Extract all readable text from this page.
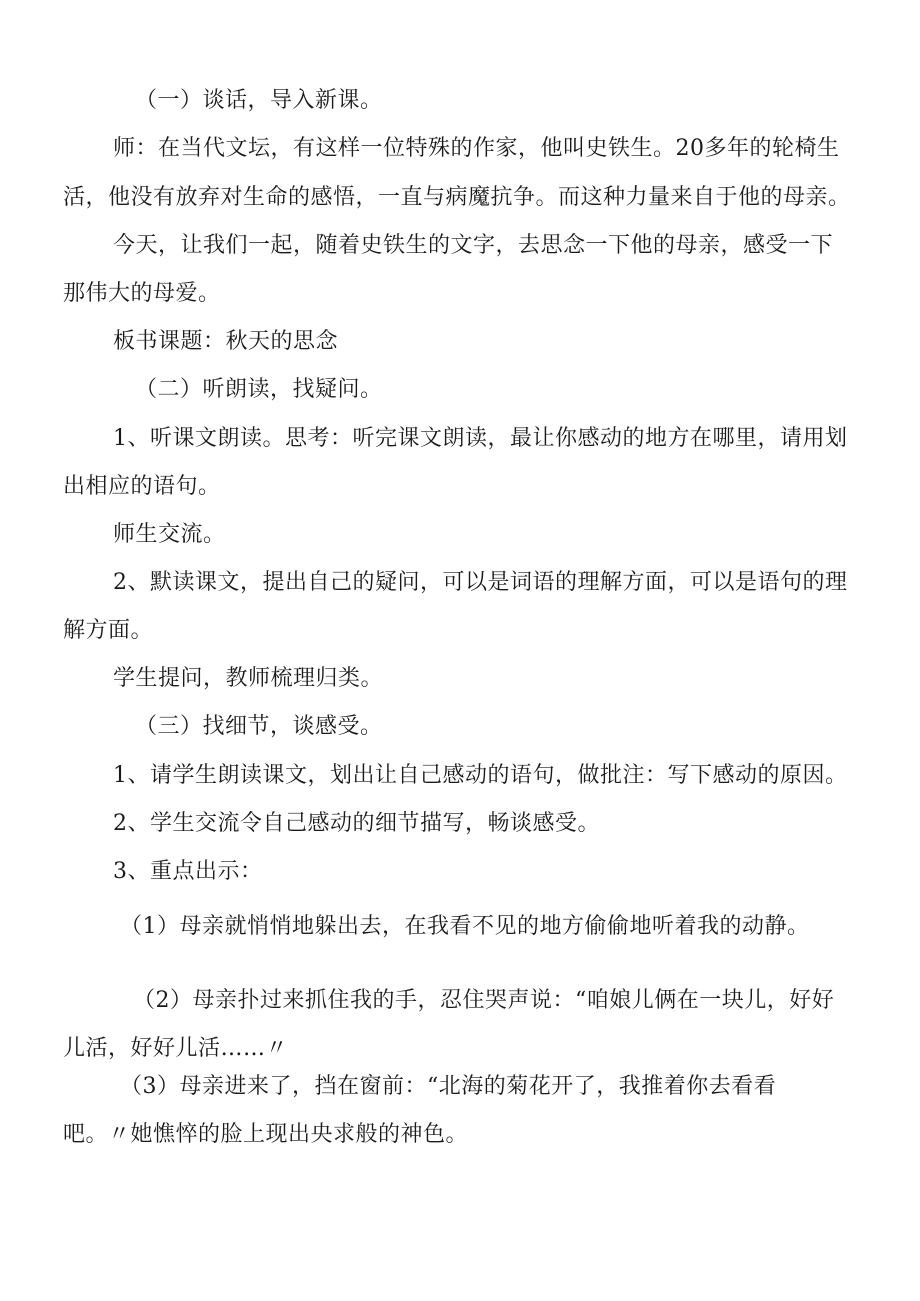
（一）谈话，导入新课。

师：在当代文坛，有这样一位特殊的作家，他叫史铁生。20多年的轮椅生

活，他没有放弃对生命的感悟，一直与病魔抗争。而这种力量来自于他的母亲。

今天，让我们一起，随着史铁生的文字，去思念一下他的母亲，感受一下

那伟大的母爱。

板书课题：秋天的思念

（二）听朗读，找疑问。

1、听课文朗读。思考：听完课文朗读，最让你感动的地方在哪里，请用划

出相应的语句。

师生交流。

2、默读课文，提出自己的疑问，可以是词语的理解方面，可以是语句的理

解方面。

学生提问，教师梳理归类。

（三）找细节，谈感受。

1、请学生朗读课文，划出让自己感动的语句，做批注：写下感动的原因。

2、学生交流令自己感动的细节描写，畅谈感受。

3、重点出示：

（1）母亲就悄悄地躲出去，在我看不见的地方偷偷地听着我的动静。

（2）母亲扑过来抓住我的手，忍住哭声说：“咱娘儿俩在一块儿，好好

儿活，好好儿活……〃

（3）母亲进来了，挡在窗前：“北海的菊花开了，我推着你去看看

吧。〃她憔悴的脸上现出央求般的神色。
